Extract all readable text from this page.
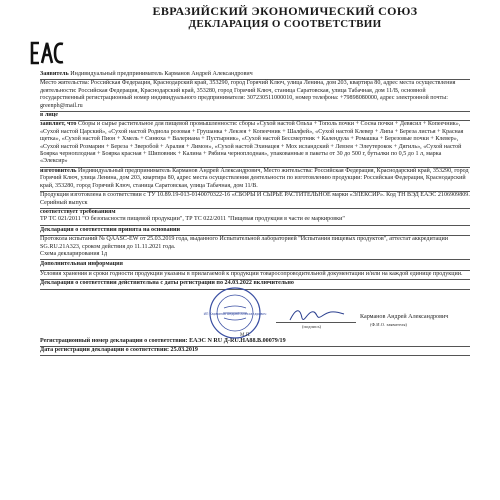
ЕВРАЗИЙСКИЙ ЭКОНОМИЧЕСКИЙ СОЮЗ
ДЕКЛАРАЦИЯ О СООТВЕТСТВИИ
Заявитель Индивидуальный предприниматель Карманов Андрей Александрович
Место жительства: Российская Федерация, Краснодарский край, 353290, город Горячий Ключ, улица Ленина, дом 203, квартира 80, адрес места осуществления деятельности: Российская Федерация, Краснодарский край, 353280, город Горячий Ключ, станица Саратовская, улица Табачная, дом 11/В, основной государственный регистрационный номер индивидуального предпринимателя: 307230511000010, номер телефона: +79898080000, адрес электронной почты: greenph@mail.ru
в лице
заявляет, что Сборы и сырье растительное для пищевой промышленности: сборы «Сухой настой Ольха + Тополь почки + Сосна почки + Девясил + Копеечник», «Сухой настой Царский», «Сухой настой Родиола розовая + Грушанка + Лекзея + Копеечник + Шалфей», «Сухой настой Клевер + Липа + Береза листья + Красная щетка», «Сухой настой Пион + Хмель + Синюха + Валериана + Пустырник», «Сухой настой Бессмертник + Календула + Ромашка + Березовые почки + Клевер», «Сухой настой Розмарин + Береза + Зверобой + Аралия + Лимон», «Сухой настой Эхинацея + Мох исландский + Левзея + Элеутерокок + Дягиль», «Сухой настой Боярка черноплодная + Боярка красная + Шиповник + Калина + Рябина черноплодная», упакованные в пакеты от 30 до 500 г, бутылки по 0,5 до 1 л, марка «Элексир»
изготовитель Индивидуальный предприниматель Карманов Андрей Александрович, Место жительства: Российская Федерация, Краснодарский край, 353290, город Горячий Ключ, улица Ленина, дом 203, квартира 80, адрес места осуществления деятельности по изготовлению продукции: Российская Федерация, Краснодарский край, 353280, город Горячий Ключ, станица Саратовская, улица Табачная, дом 11/В.
Продукция изготовлена в соответствии с ТУ 10.89.19-013-0140070322-16 «СБОРЫ И СЫРЬЕ РАСТИТЕЛЬНОЕ марки «ЭЛЕКСИР». Код ТН ВЭД ЕАЭС 2106909809. Серийный выпуск
соответствует требованиям
ТР ТС 021/2011 "О безопасности пищевой продукции", ТР ТС 022/2011 "Пищевая продукция в части ее маркировки"
Декларация о соответствии принята на основании
Протокола испытаний № QAASC-EW от 25.03.2019 года, выданного Испытательной лабораторией "Испытания пищевых продуктов", аттестат аккредитации SG.RU.21A323, сроком действия до 11.11.2021 года.
Схема декларирования 1д
Дополнительная информация
Условия хранения и сроки годности продукции указаны в прилагаемой к продукции товаросопроводительной документации и/или на каждой единице продукции.
Декларация о соответствии действительна с даты регистрации по 24.03.2022 включительно
ИП Карманов Андрей Александрович
(подпись)
Карманов Андрей Александрович
(Ф.И.О. заявителя)
М.П.
Регистрационный номер декларации о соответствии: ЕАЭС N RU Д-RU.HA88.B.00079/19
Дата регистрации декларации о соответствии: 25.03.2019
